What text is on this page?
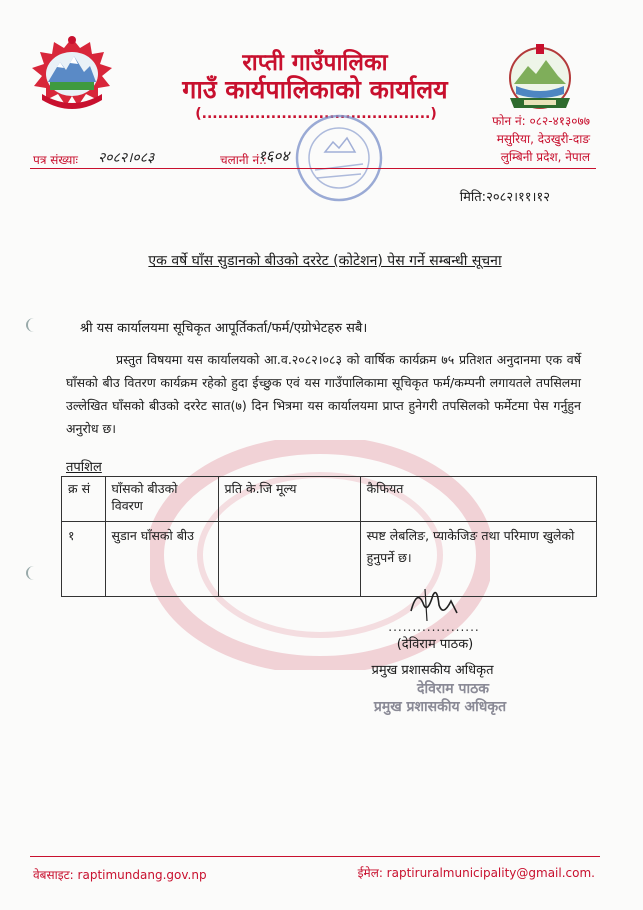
राप्ती गाउँपालिका
गाउँ कार्यपालिकाको कार्यालय
(...........................................)	फोन नं: ०८२-४१३०७७
मसुरिया, देउखुरी-दाङ
लुम्बिनी प्रदेश, नेपाल
पत्र संख्याः २०८२।०८३	चलानी नं.:
१६०४
मिति:२०८२।११।१२
एक वर्षे घाँस सुडानको बीउको दररेट (कोटेशन) पेस गर्ने सम्बन्धी सूचना
श्री यस कार्यालयमा सूचिकृत आपूर्तिकर्ता/फर्म/एग्रोभेटहरु सबै।
प्रस्तुत विषयमा यस कार्यालयको आ.व.२०८२।०८३ को वार्षिक कार्यक्रम ७५ प्रतिशत अनुदानमा एक वर्षे घाँसको बीउ वितरण कार्यक्रम रहेको हुदा ईच्छुक एवं यस गाउँपालिकामा सूचिकृत फर्म/कम्पनी लगायतले तपसिलमा उल्लेखित घाँसको बीउको दररेट सात(७) दिन भित्रमा यस कार्यालयमा प्राप्त हुनेगरी तपसिलको फर्मेटमा पेस गर्नुहुन अनुरोध छ।
तपशिल
क्र सं	घाँसको बीउको विवरण	प्रति के.जि मूल्य	कैफियत
१	सुडान घाँसको बीउ		स्पष्ट लेबलिङ, प्याकेजिङ तथा परिमाण खुलेको हुनुपर्ने छ।
...................
(देविराम पाठक)
प्रमुख प्रशासकीय अधिकृत
देविराम पाठक
प्रमुख प्रशासकीय अधिकृत
वेबसाइट: raptimundang.gov.np	ईमेल: raptiruralmunicipality@gmail.com.
